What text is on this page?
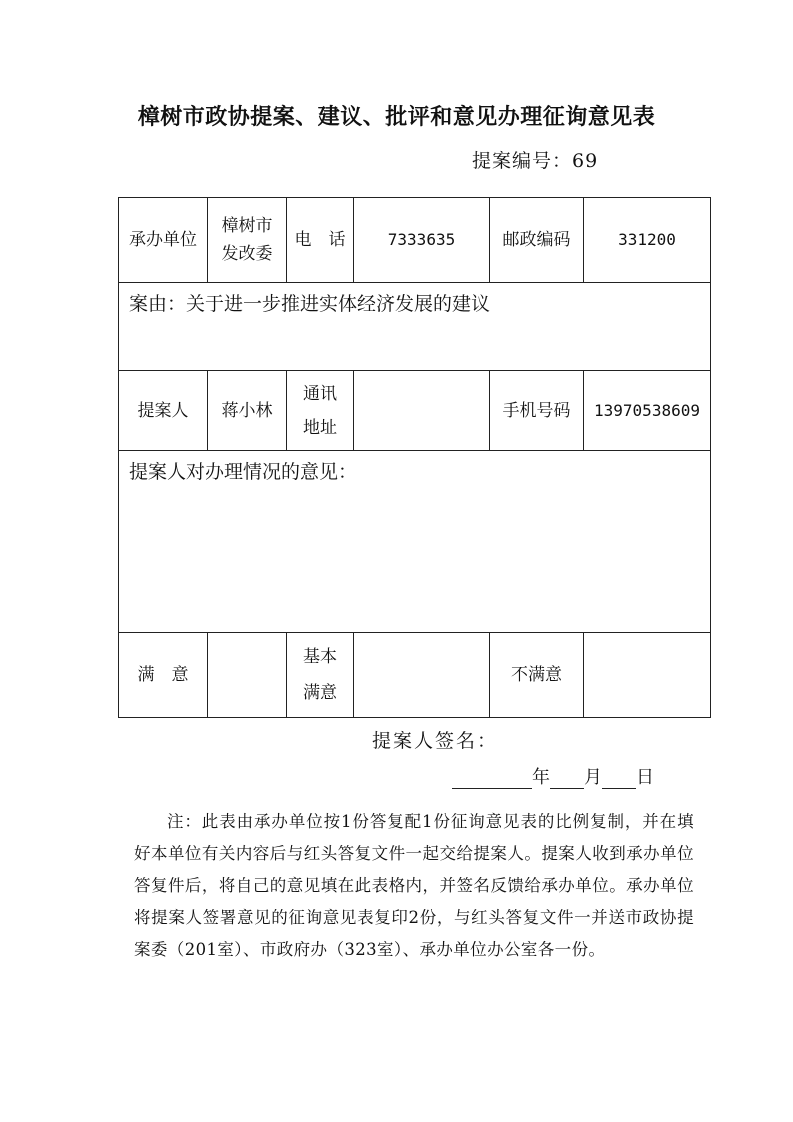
樟树市政协提案、建议、批评和意见办理征询意见表
提案编号：69
承办单位	樟树市发改委	电　话	7333635	邮政编码	331200
案由：关于进一步推进实体经济发展的建议					
提案人	蒋小林	通讯地址		手机号码	13970538609
提案人对办理情况的意见：					
满　意		基本满意		不满意	
提案人签名：
年 月 日
注：此表由承办单位按1份答复配1份征询意见表的比例复制，并在填好本单位有关内容后与红头答复文件一起交给提案人。提案人收到承办单位答复件后，将自己的意见填在此表格内，并签名反馈给承办单位。承办单位将提案人签署意见的征询意见表复印2份，与红头答复文件一并送市政协提案委（201室）、市政府办（323室）、承办单位办公室各一份。
